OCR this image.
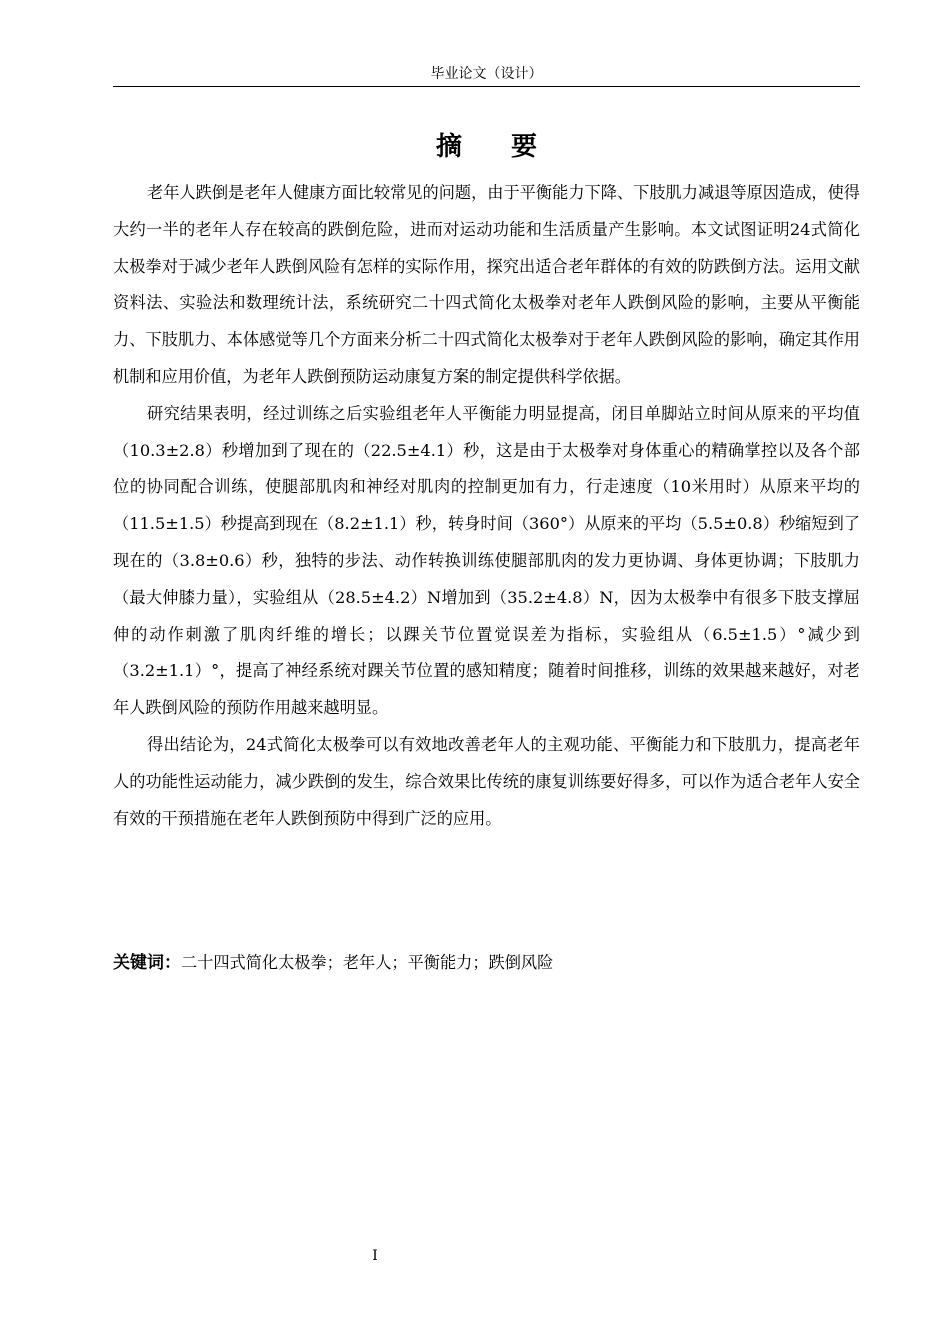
毕业论文（设计）
摘 要

老年人跌倒是老年人健康方面比较常见的问题，由于平衡能力下降、下肢肌力减退等原因造成，使得大约一半的老年人存在较高的跌倒危险，进而对运动功能和生活质量产生影响。本文试图证明24式简化太极拳对于减少老年人跌倒风险有怎样的实际作用，探究出适合老年群体的有效的防跌倒方法。运用文献资料法、实验法和数理统计法，系统研究二十四式简化太极拳对老年人跌倒风险的影响，主要从平衡能力、下肢肌力、本体感觉等几个方面来分析二十四式简化太极拳对于老年人跌倒风险的影响，确定其作用机制和应用价值，为老年人跌倒预防运动康复方案的制定提供科学依据。

研究结果表明，经过训练之后实验组老年人平衡能力明显提高，闭目单脚站立时间从原来的平均值（10.3±2.8）秒增加到了现在的（22.5±4.1）秒，这是由于太极拳对身体重心的精确掌控以及各个部位的协同配合训练，使腿部肌肉和神经对肌肉的控制更加有力，行走速度（10米用时）从原来平均的（11.5±1.5）秒提高到现在（8.2±1.1）秒，转身时间（360°）从原来的平均（5.5±0.8）秒缩短到了现在的（3.8±0.6）秒，独特的步法、动作转换训练使腿部肌肉的发力更协调、身体更协调；下肢肌力（最大伸膝力量），实验组从（28.5±4.2）N增加到（35.2±4.8）N，因为太极拳中有很多下肢支撑屈伸的动作刺激了肌肉纤维的增长；以踝关节位置觉误差为指标，实验组从（6.5±1.5）°减少到（3.2±1.1）°，提高了神经系统对踝关节位置的感知精度；随着时间推移，训练的效果越来越好，对老年人跌倒风险的预防作用越来越明显。

得出结论为，24式简化太极拳可以有效地改善老年人的主观功能、平衡能力和下肢肌力，提高老年人的功能性运动能力，减少跌倒的发生，综合效果比传统的康复训练要好得多，可以作为适合老年人安全有效的干预措施在老年人跌倒预防中得到广泛的应用。

关键词：二十四式简化太极拳；老年人；平衡能力；跌倒风险
I
